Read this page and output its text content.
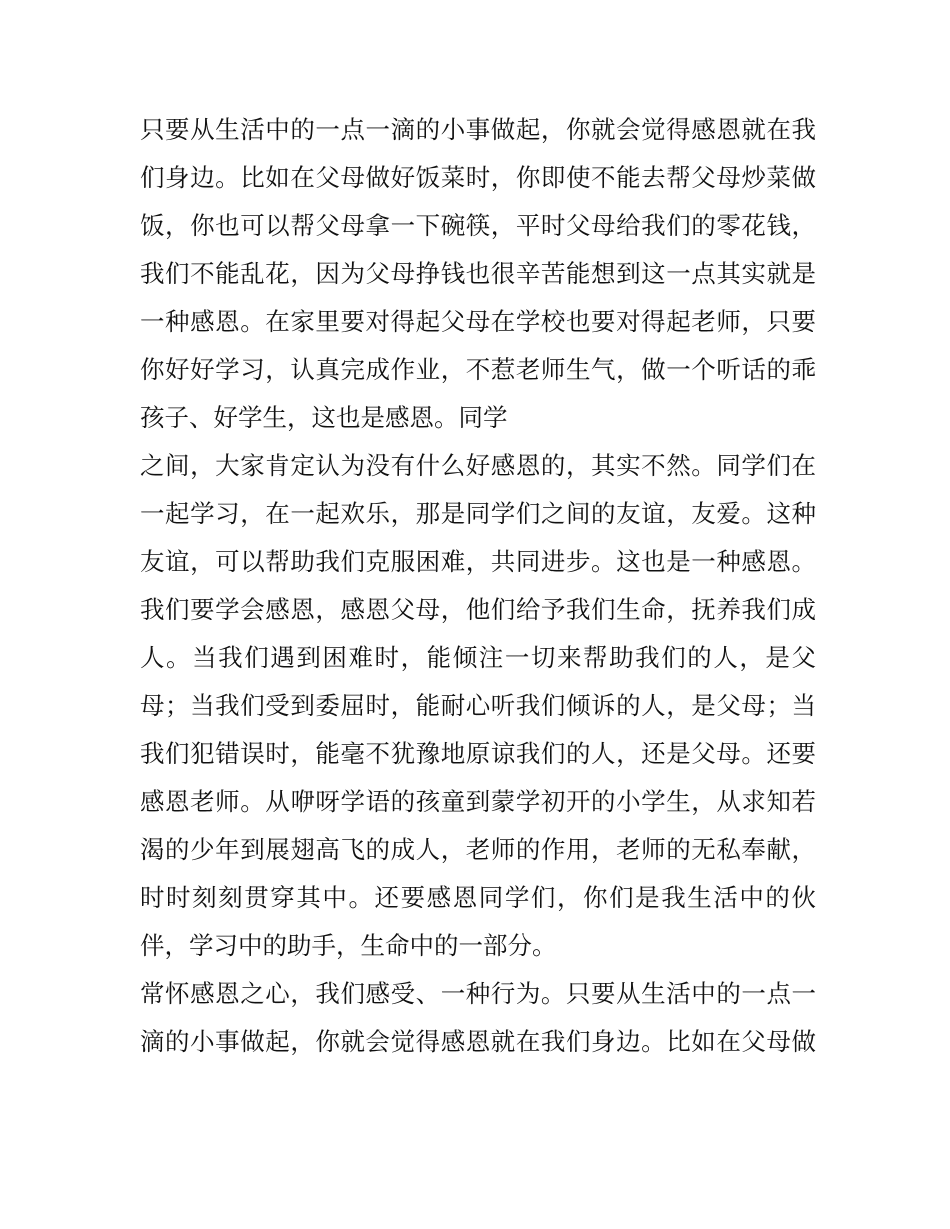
只要从生活中的一点一滴的小事做起，你就会觉得感恩就在我
们身边。比如在父母做好饭菜时，你即使不能去帮父母炒菜做
饭，你也可以帮父母拿一下碗筷，平时父母给我们的零花钱，
我们不能乱花，因为父母挣钱也很辛苦能想到这一点其实就是
一种感恩。在家里要对得起父母在学校也要对得起老师，只要
你好好学习，认真完成作业，不惹老师生气，做一个听话的乖
孩子、好学生，这也是感恩。同学
之间，大家肯定认为没有什么好感恩的，其实不然。同学们在
一起学习，在一起欢乐，那是同学们之间的友谊，友爱。这种
友谊，可以帮助我们克服困难，共同进步。这也是一种感恩。
我们要学会感恩，感恩父母，他们给予我们生命，抚养我们成
人。当我们遇到困难时，能倾注一切来帮助我们的人，是父
母；当我们受到委屈时，能耐心听我们倾诉的人，是父母；当
我们犯错误时，能毫不犹豫地原谅我们的人，还是父母。还要
感恩老师。从咿呀学语的孩童到蒙学初开的小学生，从求知若
渴的少年到展翅高飞的成人，老师的作用，老师的无私奉献，
时时刻刻贯穿其中。还要感恩同学们，你们是我生活中的伙
伴，学习中的助手，生命中的一部分。
常怀感恩之心，我们感受、一种行为。只要从生活中的一点一
滴的小事做起，你就会觉得感恩就在我们身边。比如在父母做
